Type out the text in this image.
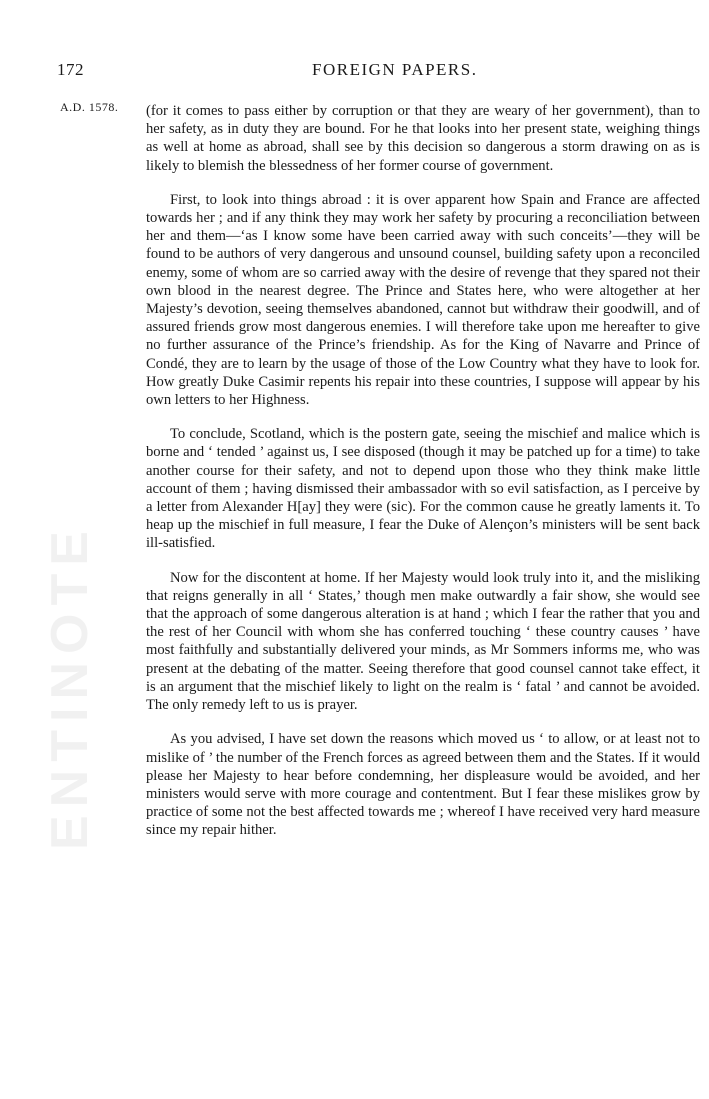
ENTINOTE
172	FOREIGN PAPERS.
A.D. 1578. (for it comes to pass either by corruption or that they are weary of her government), than to her safety, as in duty they are bound. For he that looks into her present state, weighing things as well at home as abroad, shall see by this decision so dangerous a storm drawing on as is likely to blemish the blessedness of her former course of government.

First, to look into things abroad : it is over apparent how Spain and France are affected towards her ; and if any think they may work her safety by procuring a reconciliation between her and them—‘as I know some have been carried away with such conceits’—they will be found to be authors of very dangerous and unsound counsel, building safety upon a reconciled enemy, some of whom are so carried away with the desire of revenge that they spared not their own blood in the nearest degree. The Prince and States here, who were altogether at her Majesty’s devotion, seeing themselves abandoned, cannot but withdraw their goodwill, and of assured friends grow most dangerous enemies. I will therefore take upon me hereafter to give no further assurance of the Prince’s friendship. As for the King of Navarre and Prince of Condé, they are to learn by the usage of those of the Low Country what they have to look for. How greatly Duke Casimir repents his repair into these countries, I suppose will appear by his own letters to her Highness.

To conclude, Scotland, which is the postern gate, seeing the mischief and malice which is borne and ‘ tended ’ against us, I see disposed (though it may be patched up for a time) to take another course for their safety, and not to depend upon those who they think make little account of them ; having dismissed their ambassador with so evil satisfaction, as I perceive by a letter from Alexander H[ay] they were (sic). For the common cause he greatly laments it. To heap up the mischief in full measure, I fear the Duke of Alençon’s ministers will be sent back ill-satisfied.

Now for the discontent at home. If her Majesty would look truly into it, and the misliking that reigns generally in all ‘ States,’ though men make outwardly a fair show, she would see that the approach of some dangerous alteration is at hand ; which I fear the rather that you and the rest of her Council with whom she has conferred touching ‘ these country causes ’ have most faithfully and substantially delivered your minds, as Mr Sommers informs me, who was present at the debating of the matter. Seeing therefore that good counsel cannot take effect, it is an argument that the mischief likely to light on the realm is ‘ fatal ’ and cannot be avoided. The only remedy left to us is prayer.

As you advised, I have set down the reasons which moved us ‘ to allow, or at least not to mislike of ’ the number of the French forces as agreed between them and the States. If it would please her Majesty to hear before condemning, her displeasure would be avoided, and her ministers would serve with more courage and contentment. But I fear these mislikes grow by practice of some not the best affected towards me ; whereof I have received very hard measure since my repair hither.
